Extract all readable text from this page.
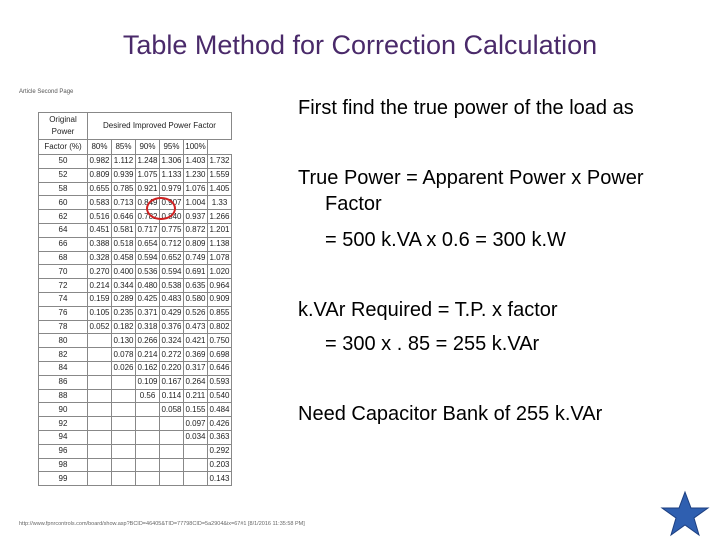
Table Method for Correction Calculation
Article Second Page
Original Power	Desired Improved Power Factor					
Factor (%)	80%	85%	90%	95%	100%	
50	0.982	1.112	1.248	1.306	1.403	1.732
52	0.809	0.939	1.075	1.133	1.230	1.559
58	0.655	0.785	0.921	0.979	1.076	1.405
60	0.583	0.713	0.849	0.907	1.004	1.33
62	0.516	0.646	0.782	0.840	0.937	1.266
64	0.451	0.581	0.717	0.775	0.872	1.201
66	0.388	0.518	0.654	0.712	0.809	1.138
68	0.328	0.458	0.594	0.652	0.749	1.078
70	0.270	0.400	0.536	0.594	0.691	1.020
72	0.214	0.344	0.480	0.538	0.635	0.964
74	0.159	0.289	0.425	0.483	0.580	0.909
76	0.105	0.235	0.371	0.429	0.526	0.855
78	0.052	0.182	0.318	0.376	0.473	0.802
80		0.130	0.266	0.324	0.421	0.750
82		0.078	0.214	0.272	0.369	0.698
84		0.026	0.162	0.220	0.317	0.646
86			0.109	0.167	0.264	0.593
88			0.56	0.114	0.211	0.540
90				0.058	0.155	0.484
92					0.097	0.426
94					0.034	0.363
96						0.292
98						0.203
99						0.143
http://www.fpnrcontrols.com/board/show.asp?BCID=46405&TID=77798CID=5a2904&ix=67#1 [8/1/2016 11:35:58 PM]

First find the true power of the load as

True Power = Apparent Power x Power

Factor

= 500 k.VA x 0.6 = 300 k.W

k.VAr Required = T.P. x factor

= 300 x . 85 = 255 k.VAr

Need Capacitor Bank of 255 k.VAr
